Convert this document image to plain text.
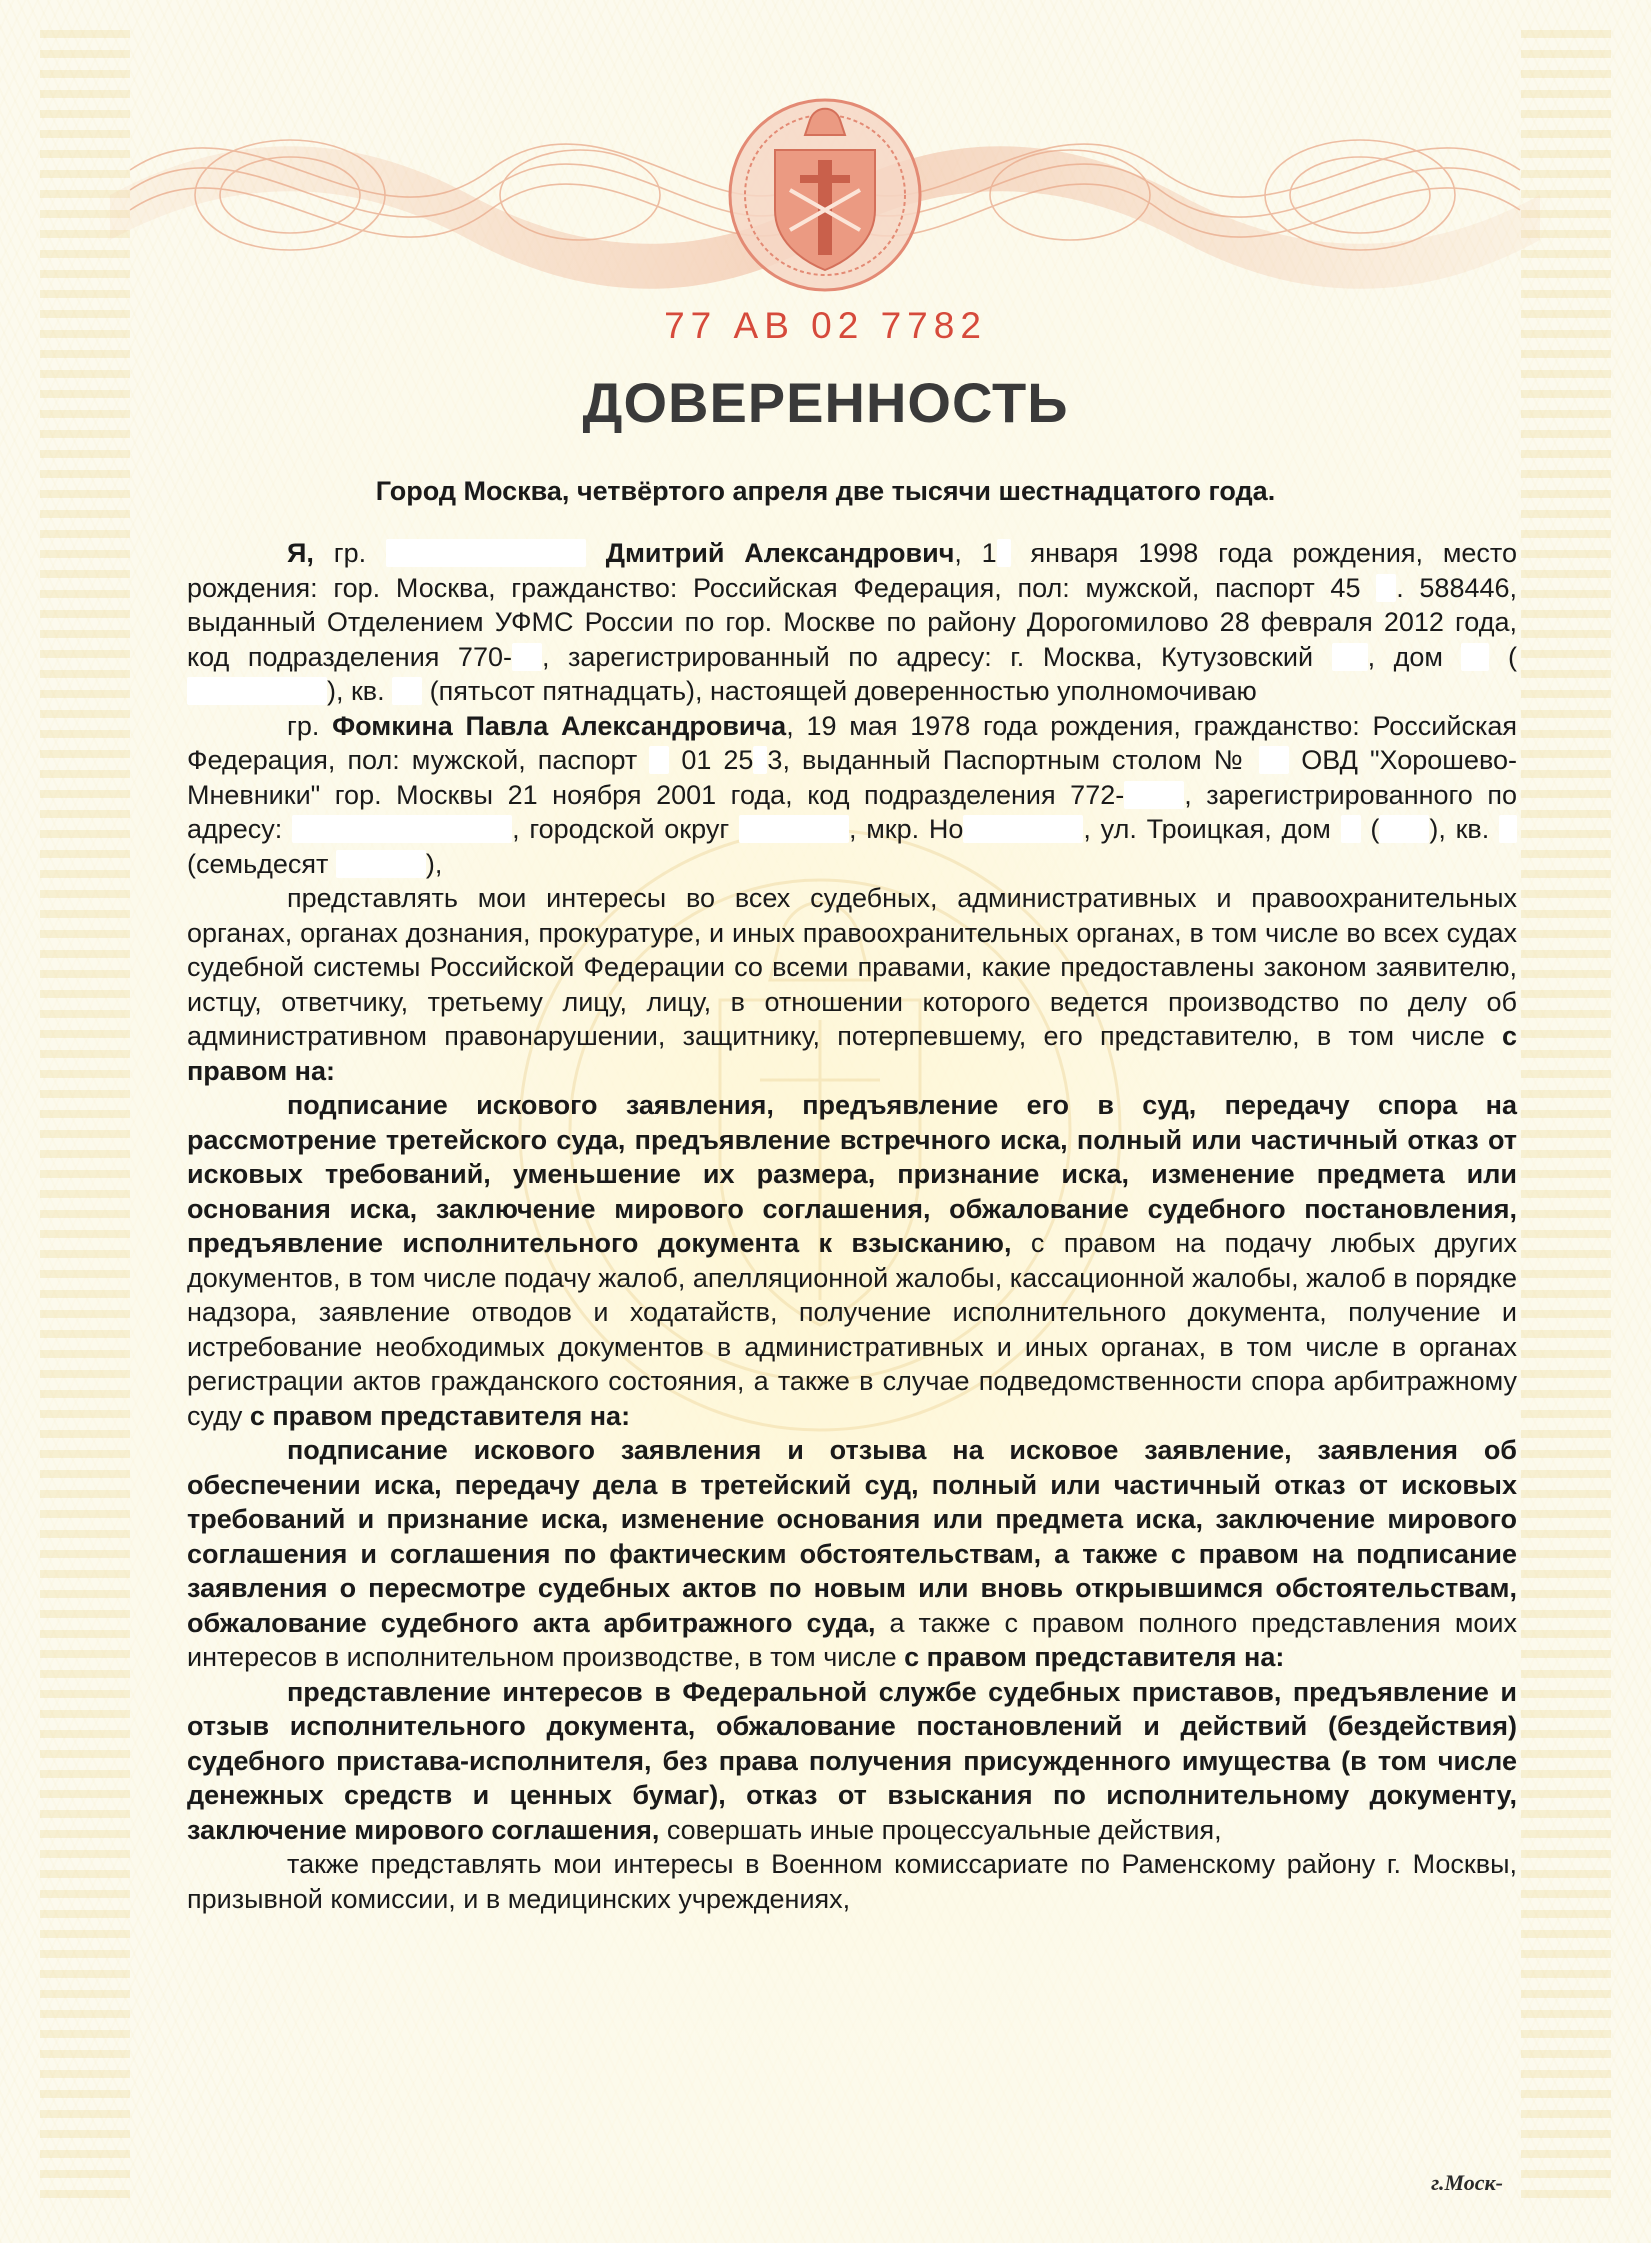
77 АВ 02 7782
ДОВЕРЕННОСТЬ
Город Москва, четвёртого апреля две тысячи шестнадцатого года.

Я, гр.	Дмитрий Александрович, 1 января 1998 года рождения, место рождения: гор. Москва, гражданство: Российская Федерация, пол: мужской, паспорт 45 . 588446, выданный Отделением УФМС России по гор. Москве по району Дорогомилово 28 февраля 2012 года, код подразделения 770- , зарегистрированный по адресу: г. Москва, Кутузовский , дом  (), кв.  (пятьсот пятнадцать), настоящей доверенностью уполномочиваю

гр. Фомкина Павла Александровича, 19 мая 1978 года рождения, гражданство: Российская Федерация, пол: мужской, паспорт  01 25 3, выданный Паспортным столом №  ОВД "Хорошево-Мневники" гор. Москвы 21 ноября 2001 года, код подразделения 772- , зарегистрированного по адресу:	, городской округ	, мкр. Но	, ул. Троицкая, дом  ( ), кв.  (семьдесят	),

представлять мои интересы во всех судебных, административных и правоохранительных органах, органах дознания, прокуратуре, и иных правоохранительных органах, в том числе во всех судах судебной системы Российской Федерации со всеми правами, какие предоставлены законом заявителю, истцу, ответчику, третьему лицу, лицу, в отношении которого ведется производство по делу об административном правонарушении, защитнику, потерпевшему, его представителю, в том числе с правом на:

подписание искового заявления, предъявление его в суд, передачу спора на рассмотрение третейского суда, предъявление встречного иска, полный или частичный отказ от исковых требований, уменьшение их размера, признание иска, изменение предмета или основания иска, заключение мирового соглашения, обжалование судебного постановления, предъявление исполнительного документа к взысканию, с правом на подачу любых других документов, в том числе подачу жалоб, апелляционной жалобы, кассационной жалобы, жалоб в порядке надзора, заявление отводов и ходатайств, получение исполнительного документа, получение и истребование необходимых документов в административных и иных органах, в том числе в органах регистрации актов гражданского состояния, а также в случае подведомственности спора арбитражному суду с правом представителя на:

подписание искового заявления и отзыва на исковое заявление, заявления об обеспечении иска, передачу дела в третейский суд, полный или частичный отказ от исковых требований и признание иска, изменение основания или предмета иска, заключение мирового соглашения и соглашения по фактическим обстоятельствам, а также с правом на подписание заявления о пересмотре судебных актов по новым или вновь открывшимся обстоятельствам, обжалование судебного акта арбитражного суда, а также с правом полного представления моих интересов в исполнительном производстве, в том числе с правом представителя на:

представление интересов в Федеральной службе судебных приставов, предъявление и отзыв исполнительного документа, обжалование постановлений и действий (бездействия) судебного пристава-исполнителя, без права получения присужденного имущества (в том числе денежных средств и ценных бумаг), отказ от взыскания по исполнительному документу, заключение мирового соглашения, совершать иные процессуальные действия,

также представлять мои интересы в Военном комиссариате по Раменскому району г. Москвы, призывной комиссии, и в медицинских учреждениях,

г.Моск-
